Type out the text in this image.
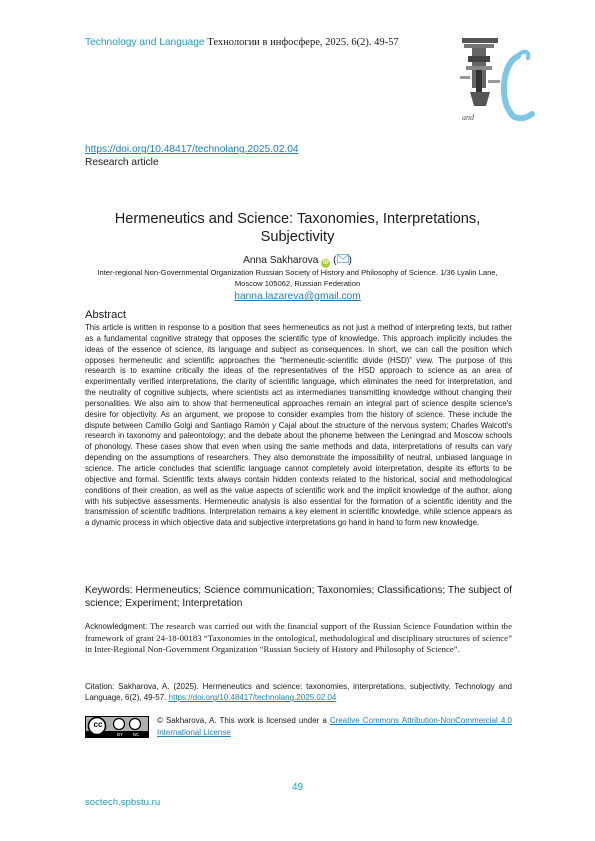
Technology and Language Технологии в инфосфере, 2025. 6(2). 49-57
and
https://doi.org/10.48417/technolang.2025.02.04
Research article
Hermeneutics and Science: Taxonomies, Interpretations, Subjectivity
Anna Sakharova iD ( )
Inter-regional Non-Governmental Organization Russian Society of History and Philosophy of Science. 1/36 Lyalin Lane, Moscow 105062, Russian Federation
hanna.lazareva@gmail.com
Abstract
This article is written in response to a position that sees hermeneutics as not just a method of interpreting texts, but rather as a fundamental cognitive strategy that opposes the scientific type of knowledge. This approach implicitly includes the ideas of the essence of science, its language and subject as consequences. In short, we can call the position which opposes hermeneutic and scientific approaches the “hermeneutic-scientific divide (HSD)” view. The purpose of this research is to examine critically the ideas of the representatives of the HSD approach to science as an area of experimentally verified interpretations, the clarity of scientific language, which eliminates the need for interpretation, and the neutrality of cognitive subjects, where scientists act as intermediaries transmitting knowledge without changing their personalities. We also aim to show that hermeneutical approaches remain an integral part of science despite science's desire for objectivity. As an argument, we propose to consider examples from the history of science. These include the dispute between Camillo Golgi and Santiago Ramón y Cajal about the structure of the nervous system; Charles Walcott's research in taxonomy and paleontology; and the debate about the phoneme between the Leningrad and Moscow schools of phonology. These cases show that even when using the same methods and data, interpretations of results can vary depending on the assumptions of researchers. They also demonstrate the impossibility of neutral, unbiased language in science. The article concludes that scientific language cannot completely avoid interpretation, despite its efforts to be objective and formal. Scientific texts always contain hidden contexts related to the historical, social and methodological conditions of their creation, as well as the value aspects of scientific work and the implicit knowledge of the author, along with his subjective assessments. Hermeneutic analysis is also essential for the formation of a scientific identity and the transmission of scientific traditions. Interpretation remains a key element in scientific knowledge, while science appears as a dynamic process in which objective data and subjective interpretations go hand in hand to form new knowledge.
Keywords: Hermeneutics; Science communication; Taxonomies; Classifications; The subject of science; Experiment; Interpretation
Acknowledgment: The research was carried out with the financial support of the Russian Science Foundation within the framework of grant 24-18-00183 “Taxonomies in the ontological, methodological and disciplinary structures of science” in Inter-Regional Non-Government Organization “Russian Society of History and Philosophy of Science”.
Citation: Sakharova, A. (2025). Hermeneutics and science: taxonomies, interpretations, subjectivity. Technology and Language, 6(2), 49-57. https://doi.org/10.48417/technolang.2025.02.04
cc
BY	NC
© Sakharova, A. This work is licensed under a Creative Commons Attribution-NonCommercial 4.0 International License
49
soctech.spbstu.ru
